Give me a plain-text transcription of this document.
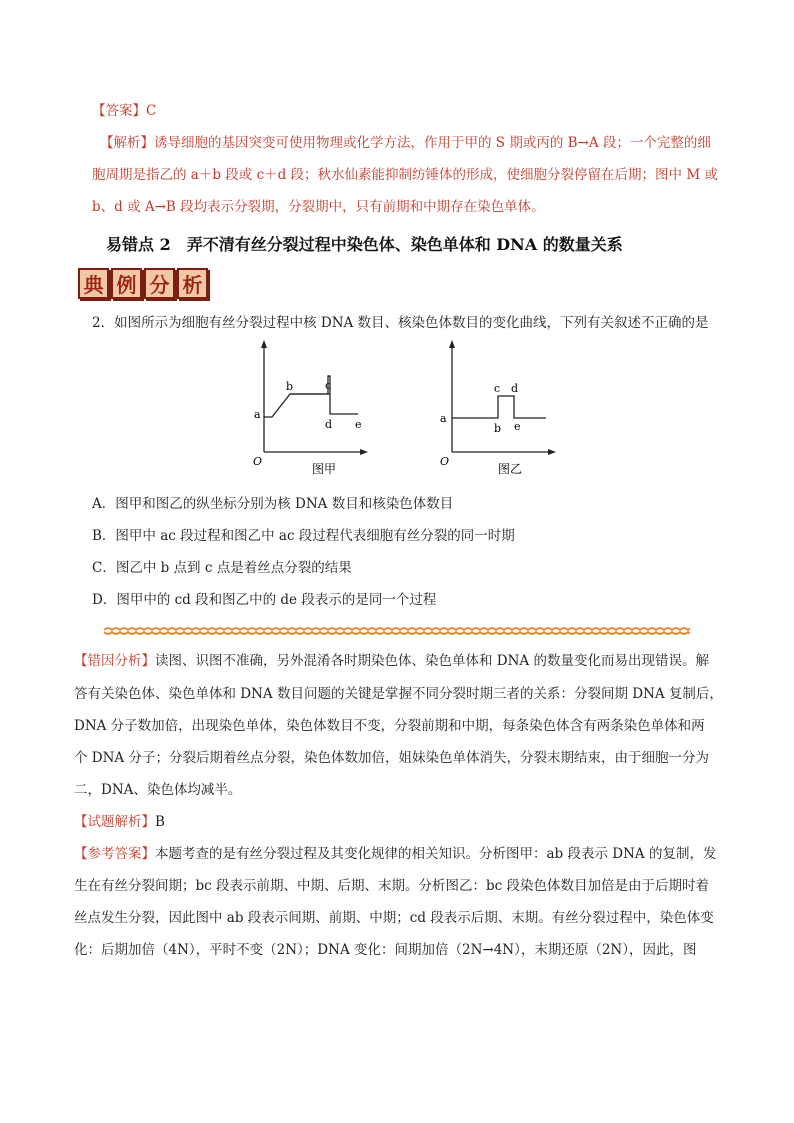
【答案】C
【解析】诱导细胞的基因突变可使用物理或化学方法，作用于甲的 S 期或丙的 B→A 段；一个完整的细
胞周期是指乙的 a＋b 段或 c＋d 段；秋水仙素能抑制纺锤体的形成，使细胞分裂停留在后期；图中 M 或
b、d 或 A→B 段均表示分裂期，分裂期中，只有前期和中期存在染色单体。
易错点 2　弄不清有丝分裂过程中染色体、染色单体和 DNA 的数量关系
典 例 分 析
2．如图所示为细胞有丝分裂过程中核 DNA 数目、核染色体数目的变化曲线，下列有关叙述不正确的是
a
b	c
d e
O
图甲
a
b
c d
e
O
图乙
A．图甲和图乙的纵坐标分别为核 DNA 数目和核染色体数目
B．图甲中 ac 段过程和图乙中 ac 段过程代表细胞有丝分裂的同一时期
C．图乙中 b 点到 c 点是着丝点分裂的结果
D．图甲中的 cd 段和图乙中的 de 段表示的是同一个过程
【错因分析】读图、识图不准确，另外混淆各时期染色体、染色单体和 DNA 的数量变化而易出现错误。解
答有关染色体、染色单体和 DNA 数目问题的关键是掌握不同分裂时期三者的关系：分裂间期 DNA 复制后，
DNA 分子数加倍，出现染色单体，染色体数目不变，分裂前期和中期，每条染色体含有两条染色单体和两
个 DNA 分子；分裂后期着丝点分裂，染色体数加倍，姐妹染色单体消失，分裂末期结束，由于细胞一分为
二，DNA、染色体均减半。
【试题解析】B
【参考答案】本题考查的是有丝分裂过程及其变化规律的相关知识。分析图甲：ab 段表示 DNA 的复制，发
生在有丝分裂间期；bc 段表示前期、中期、后期、末期。分析图乙：bc 段染色体数目加倍是由于后期时着
丝点发生分裂，因此图中 ab 段表示间期、前期、中期；cd 段表示后期、末期。有丝分裂过程中，染色体变
化：后期加倍（4N），平时不变（2N）；DNA 变化：间期加倍（2N→4N），末期还原（2N），因此，图
